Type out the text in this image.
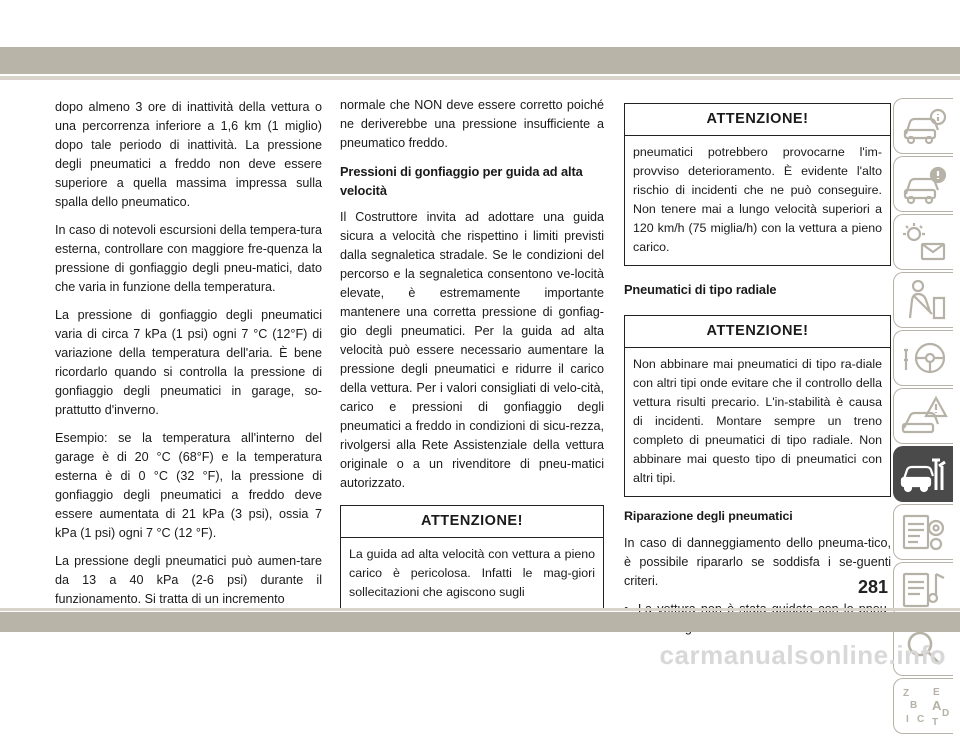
dopo almeno 3 ore di inattività della vettura o una percorrenza inferiore a 1,6 km (1 miglio) dopo tale periodo di inattività. La pressione degli pneumatici a freddo non deve essere superiore a quella massima impressa sulla spalla dello pneumatico.

In caso di notevoli escursioni della tempera-tura esterna, controllare con maggiore fre-quenza la pressione di gonfiaggio degli pneu-matici, dato che varia in funzione della temperatura.

La pressione di gonfiaggio degli pneumatici varia di circa 7 kPa (1 psi) ogni 7 °C (12°F) di variazione della temperatura dell'aria. È bene ricordarlo quando si controlla la pressione di gonfiaggio degli pneumatici in garage, so-prattutto d'inverno.

Esempio: se la temperatura all'interno del garage è di 20 °C (68°F) e la temperatura esterna è di 0 °C (32 °F), la pressione di gonfiaggio degli pneumatici a freddo deve essere aumentata di 21 kPa (3 psi), ossia 7 kPa (1 psi) ogni 7 °C (12 °F).

La pressione degli pneumatici può aumen-tare da 13 a 40 kPa (2-6 psi) durante il funzionamento. Si tratta di un incremento

normale che NON deve essere corretto poiché ne deriverebbe una pressione insufficiente a pneumatico freddo.

Pressioni di gonfiaggio per guida ad alta velocità

Il Costruttore invita ad adottare una guida sicura a velocità che rispettino i limiti previsti dalla segnaletica stradale. Se le condizioni del percorso e la segnaletica consentono ve-locità elevate, è estremamente importante mantenere una corretta pressione di gonfiag-gio degli pneumatici. Per la guida ad alta velocità può essere necessario aumentare la pressione degli pneumatici e ridurre il carico della vettura. Per i valori consigliati di velo-cità, carico e pressioni di gonfiaggio degli pneumatici a freddo in condizioni di sicu-rezza, rivolgersi alla Rete Assistenziale della vettura originale o a un rivenditore di pneu-matici autorizzato.

ATTENZIONE!
La guida ad alta velocità con vettura a pieno carico è pericolosa. Infatti le mag-giori sollecitazioni che agiscono sugli
ATTENZIONE!
pneumatici potrebbero provocarne l'im-provviso deterioramento. È evidente l'alto rischio di incidenti che ne può conseguire. Non tenere mai a lungo velocità superiori a 120 km/h (75 miglia/h) con la vettura a pieno carico.
Pneumatici di tipo radiale
ATTENZIONE!
Non abbinare mai pneumatici di tipo ra-diale con altri tipi onde evitare che il controllo della vettura risulti precario. L'in-stabilità è causa di incidenti. Montare sempre un treno completo di pneumatici di tipo radiale. Non abbinare mai questo tipo di pneumatici con altri tipi.
Riparazione degli pneumatici

In caso di danneggiamento dello pneuma-tico, è possibile ripararlo se soddisfa i se-guenti criteri.

Z E
B A
D
I C T
281
carmanualsonline.info
